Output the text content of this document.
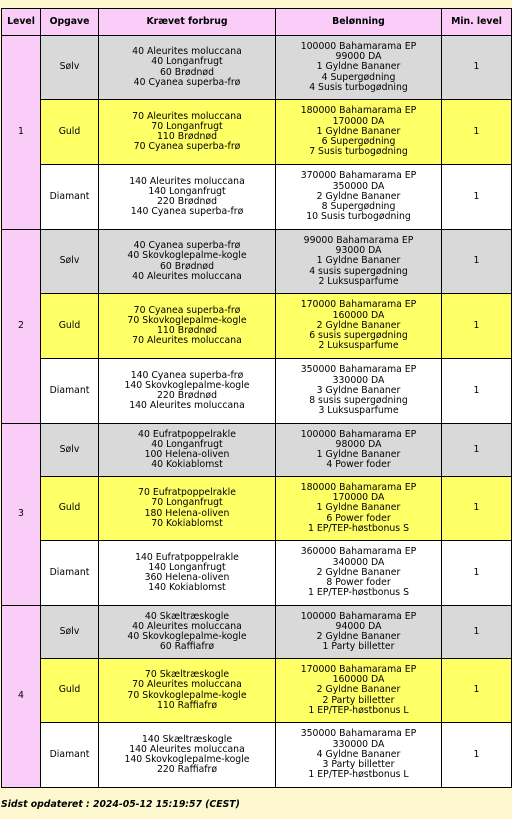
Level	Opgave	Krævet forbrug	Belønning	Min. level
1	Sølv	40 Aleurites moluccana
40 Longanfrugt
60 Brødnød
40 Cyanea superba-frø	100000 Bahamarama EP
99000 DA
1 Gyldne Bananer
4 Supergødning
4 Susis turbogødning	1
	Guld	70 Aleurites moluccana
70 Longanfrugt
110 Brødnød
70 Cyanea superba-frø	180000 Bahamarama EP
170000 DA
1 Gyldne Bananer
6 Supergødning
7 Susis turbogødning	1
	Diamant	140 Aleurites moluccana
140 Longanfrugt
220 Brødnød
140 Cyanea superba-frø	370000 Bahamarama EP
350000 DA
2 Gyldne Bananer
8 Supergødning
10 Susis turbogødning	1
2	Sølv	40 Cyanea superba-frø
40 Skovkoglepalme-kogle
60 Brødnød
40 Aleurites moluccana	99000 Bahamarama EP
93000 DA
1 Gyldne Bananer
4 susis supergødning
2 Luksusparfume	1
	Guld	70 Cyanea superba-frø
70 Skovkoglepalme-kogle
110 Brødnød
70 Aleurites moluccana	170000 Bahamarama EP
160000 DA
2 Gyldne Bananer
6 susis supergødning
2 Luksusparfume	1
	Diamant	140 Cyanea superba-frø
140 Skovkoglepalme-kogle
220 Brødnød
140 Aleurites moluccana	350000 Bahamarama EP
330000 DA
3 Gyldne Bananer
8 susis supergødning
3 Luksusparfume	1
3	Sølv	40 Eufratpoppelrakle
40 Longanfrugt
100 Helena-oliven
40 Kokiablomst	100000 Bahamarama EP
98000 DA
1 Gyldne Bananer
4 Power foder	1
	Guld	70 Eufratpoppelrakle
70 Longanfrugt
180 Helena-oliven
70 Kokiablomst	180000 Bahamarama EP
170000 DA
1 Gyldne Bananer
6 Power foder
1 EP/TEP-høstbonus S	1
	Diamant	140 Eufratpoppelrakle
140 Longanfrugt
360 Helena-oliven
140 Kokiablomst	360000 Bahamarama EP
340000 DA
2 Gyldne Bananer
8 Power foder
1 EP/TEP-høstbonus S	1
4	Sølv	40 Skæltræskogle
40 Aleurites moluccana
40 Skovkoglepalme-kogle
60 Raffiafrø	100000 Bahamarama EP
94000 DA
2 Gyldne Bananer
1 Party billetter	1
	Guld	70 Skæltræskogle
70 Aleurites moluccana
70 Skovkoglepalme-kogle
110 Raffiafrø	170000 Bahamarama EP
160000 DA
2 Gyldne Bananer
2 Party billetter
1 EP/TEP-høstbonus L	1
	Diamant	140 Skæltræskogle
140 Aleurites moluccana
140 Skovkoglepalme-kogle
220 Raffiafrø	350000 Bahamarama EP
330000 DA
4 Gyldne Bananer
3 Party billetter
1 EP/TEP-høstbonus L	1
Sidst opdateret : 2024-05-12 15:19:57 (CEST)
